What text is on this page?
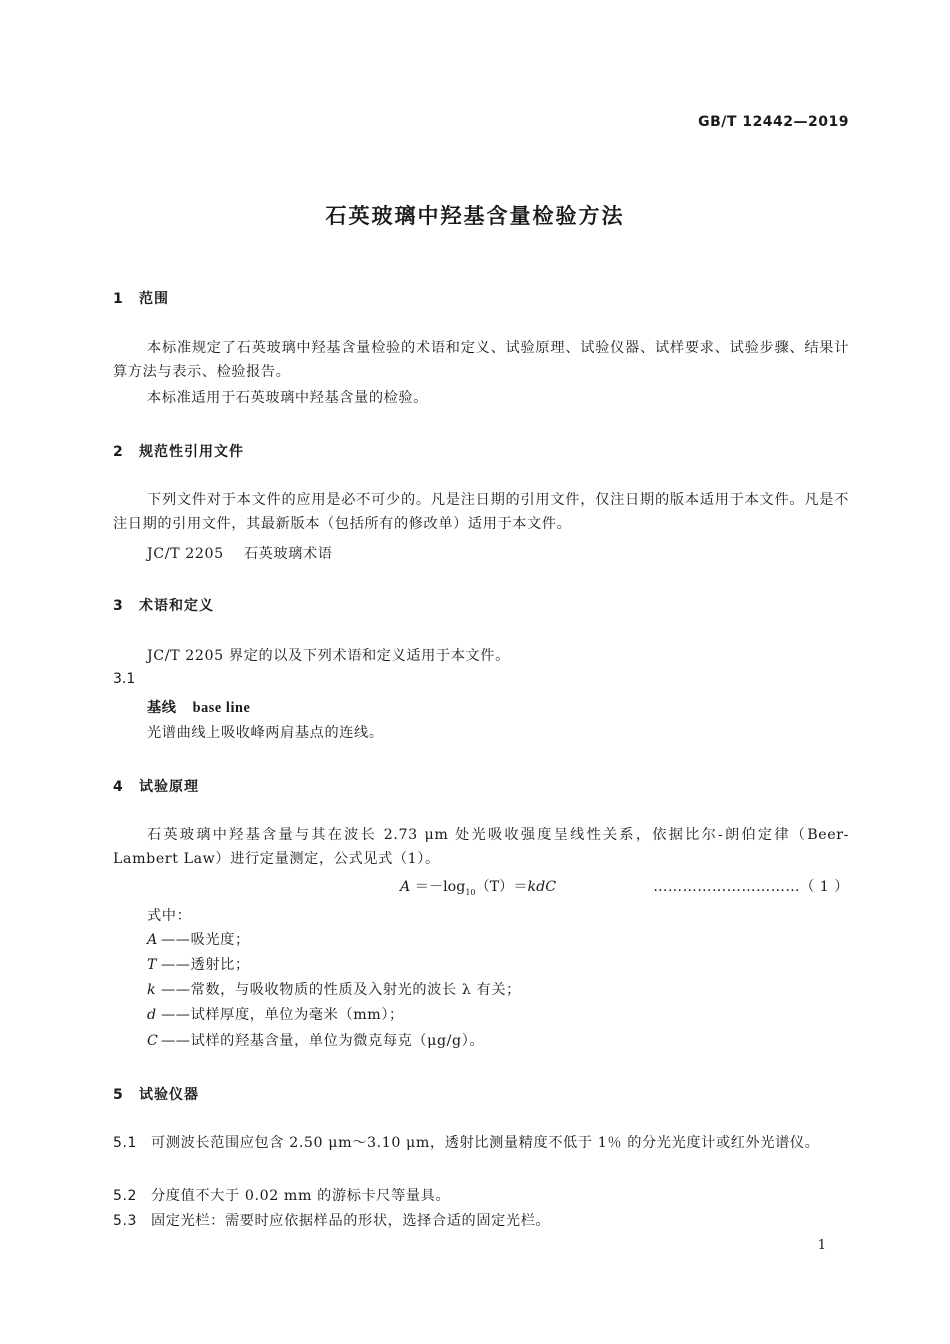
GB/T 12442—2019
石英玻璃中羟基含量检验方法
1 范围
本标准规定了石英玻璃中羟基含量检验的术语和定义、试验原理、试验仪器、试样要求、试验步骤、结果计算方法与表示、检验报告。
本标准适用于石英玻璃中羟基含量的检验。
2 规范性引用文件
下列文件对于本文件的应用是必不可少的。凡是注日期的引用文件，仅注日期的版本适用于本文件。凡是不注日期的引用文件，其最新版本（包括所有的修改单）适用于本文件。
JC/T 2205 石英玻璃术语
3 术语和定义
JC/T 2205 界定的以及下列术语和定义适用于本文件。
3.1
基线 base line
光谱曲线上吸收峰两肩基点的连线。
4 试验原理
石英玻璃中羟基含量与其在波长 2.73 μm 处光吸收强度呈线性关系，依据比尔-朗伯定律（Beer-Lambert Law）进行定量测定，公式见式（1）。
$A =-\log_{10}(T)=kdC$	…………………………（ 1 ）
式中：
A ——吸光度；
T ——透射比；
k ——常数，与吸收物质的性质及入射光的波长 λ 有关；
d ——试样厚度，单位为毫米（mm）；
C ——试样的羟基含量，单位为微克每克（μg/g）。
5 试验仪器
5.1 可测波长范围应包含 2.50 μm～3.10 μm，透射比测量精度不低于 1％ 的分光光度计或红外光谱仪。
5.2 分度值不大于 0.02 mm 的游标卡尺等量具。
5.3 固定光栏：需要时应依据样品的形状，选择合适的固定光栏。
1
